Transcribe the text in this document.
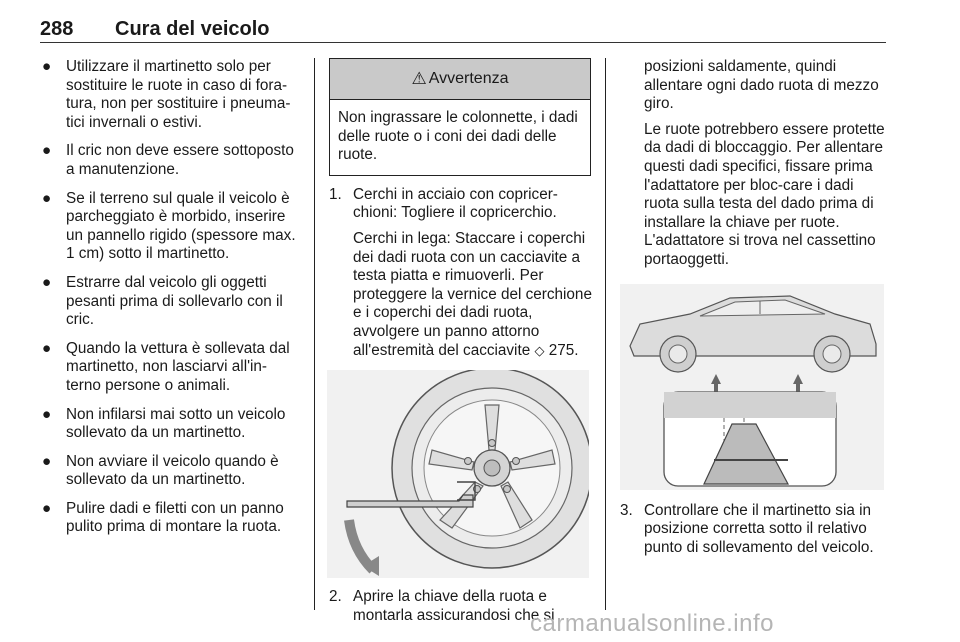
288 Cura del veicolo
● Utilizzare il martinetto solo per sostituire le ruote in caso di fora-tura, non per sostituire i pneuma-tici invernali o estivi.
● Il cric non deve essere sottoposto a manutenzione.
● Se il terreno sul quale il veicolo è parcheggiato è morbido, inserire un pannello rigido (spessore max. 1 cm) sotto il martinetto.
● Estrarre dal veicolo gli oggetti pesanti prima di sollevarlo con il cric.
● Quando la vettura è sollevata dal martinetto, non lasciarvi all'in-terno persone o animali.
● Non infilarsi mai sotto un veicolo sollevato da un martinetto.
● Non avviare il veicolo quando è sollevato da un martinetto.
● Pulire dadi e filetti con un panno pulito prima di montare la ruota.
⚠ Avvertenza
Non ingrassare le colonnette, i dadi delle ruote o i coni dei dadi delle ruote.
1. Cerchi in acciaio con copricer-chioni: Togliere il copricerchio.
Cerchi in lega: Staccare i coperchi dei dadi ruota con un cacciavite a testa piatta e rimuoverli. Per proteggere la vernice del cerchione e i coperchi dei dadi ruota, avvolgere un panno attorno all'estremità del cacciavite ◇ 275.
2. Aprire la chiave della ruota e montarla assicurandosi che si
posizioni saldamente, quindi allentare ogni dado ruota di mezzo giro.
Le ruote potrebbero essere protette da dadi di bloccaggio. Per allentare questi dadi specifici, fissare prima l'adattatore per bloc-care i dadi ruota sulla testa del dado prima di installare la chiave per ruote. L'adattatore si trova nel cassettino portaoggetti.
3. Controllare che il martinetto sia in posizione corretta sotto il relativo punto di sollevamento del veicolo.
carmanualsonline.info
